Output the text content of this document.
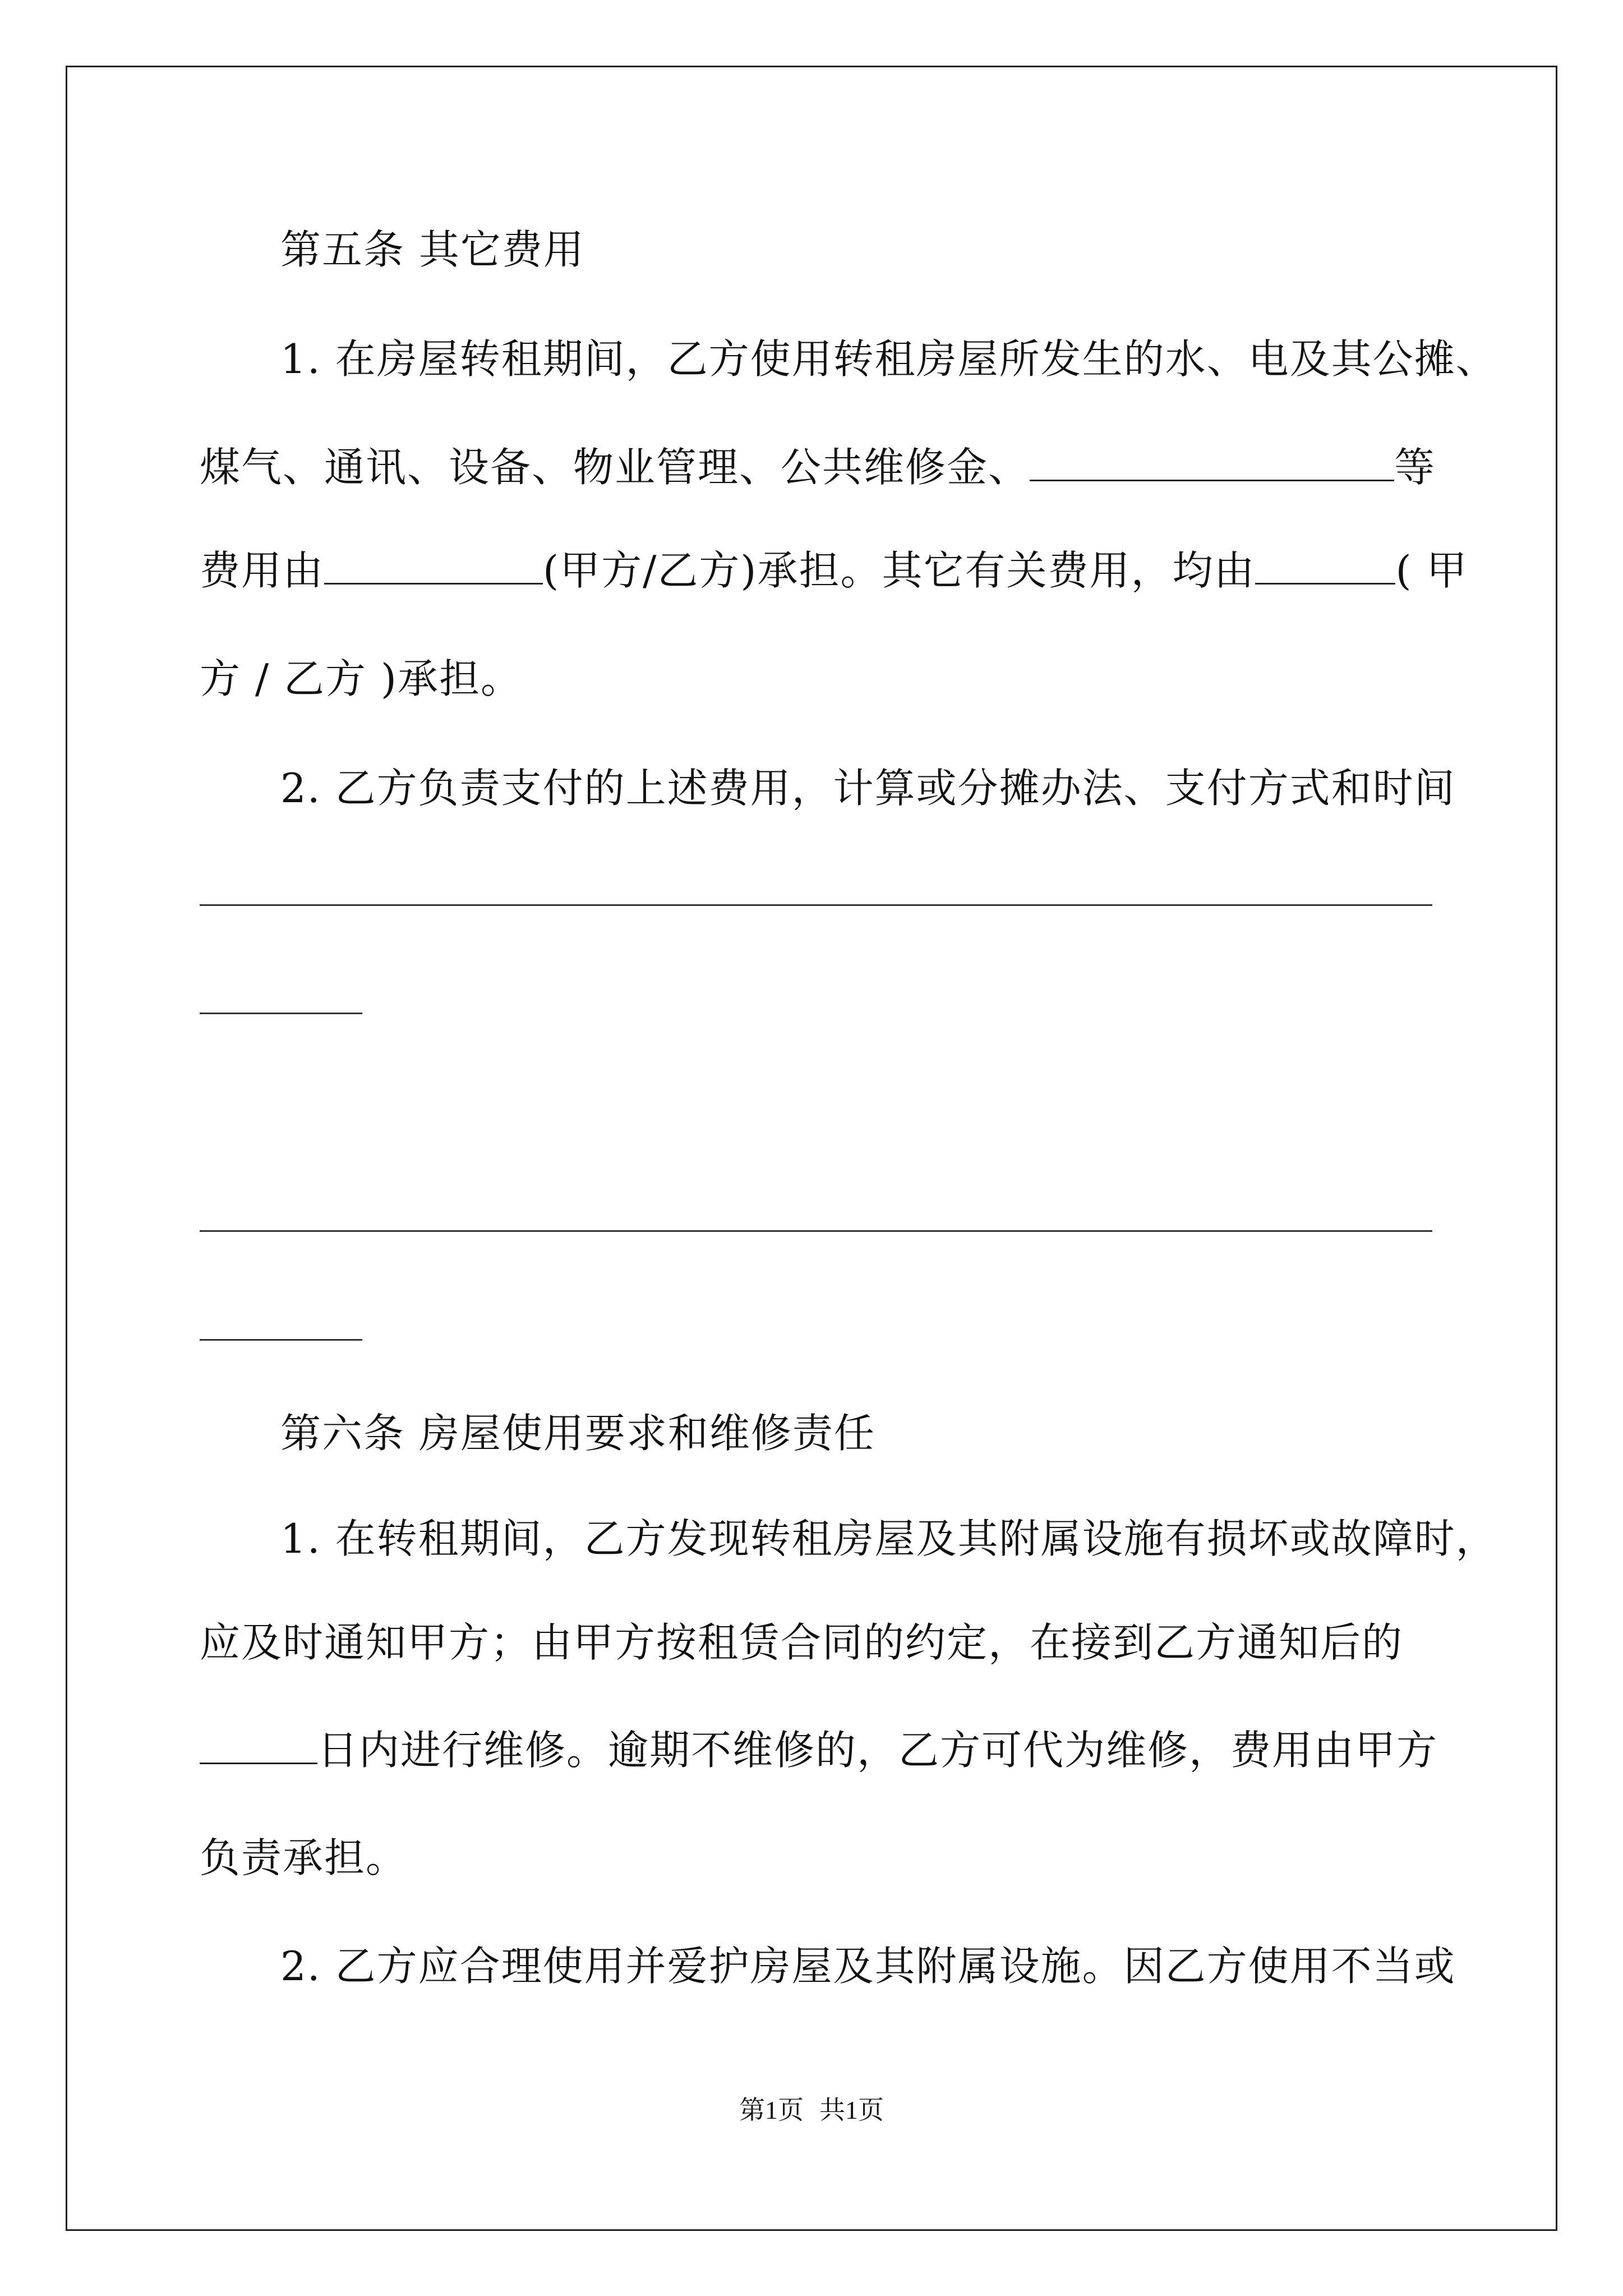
第五条 其它费用
1. 在房屋转租期间，乙方使用转租房屋所发生的水、电及其公摊、
煤气、通讯、设备、物业管理、公共维修金、	等
费用由	(甲方/乙方)承担。其它有关费用，均由	( 甲
方 / 乙方 )承担。
2. 乙方负责支付的上述费用，计算或分摊办法、支付方式和时间
第六条 房屋使用要求和维修责任
1. 在转租期间，乙方发现转租房屋及其附属设施有损坏或故障时，
应及时通知甲方；由甲方按租赁合同的约定，在接到乙方通知后的
日内进行维修。逾期不维修的，乙方可代为维修，费用由甲方
负责承担。
2. 乙方应合理使用并爱护房屋及其附属设施。因乙方使用不当或
第1页 共1页
